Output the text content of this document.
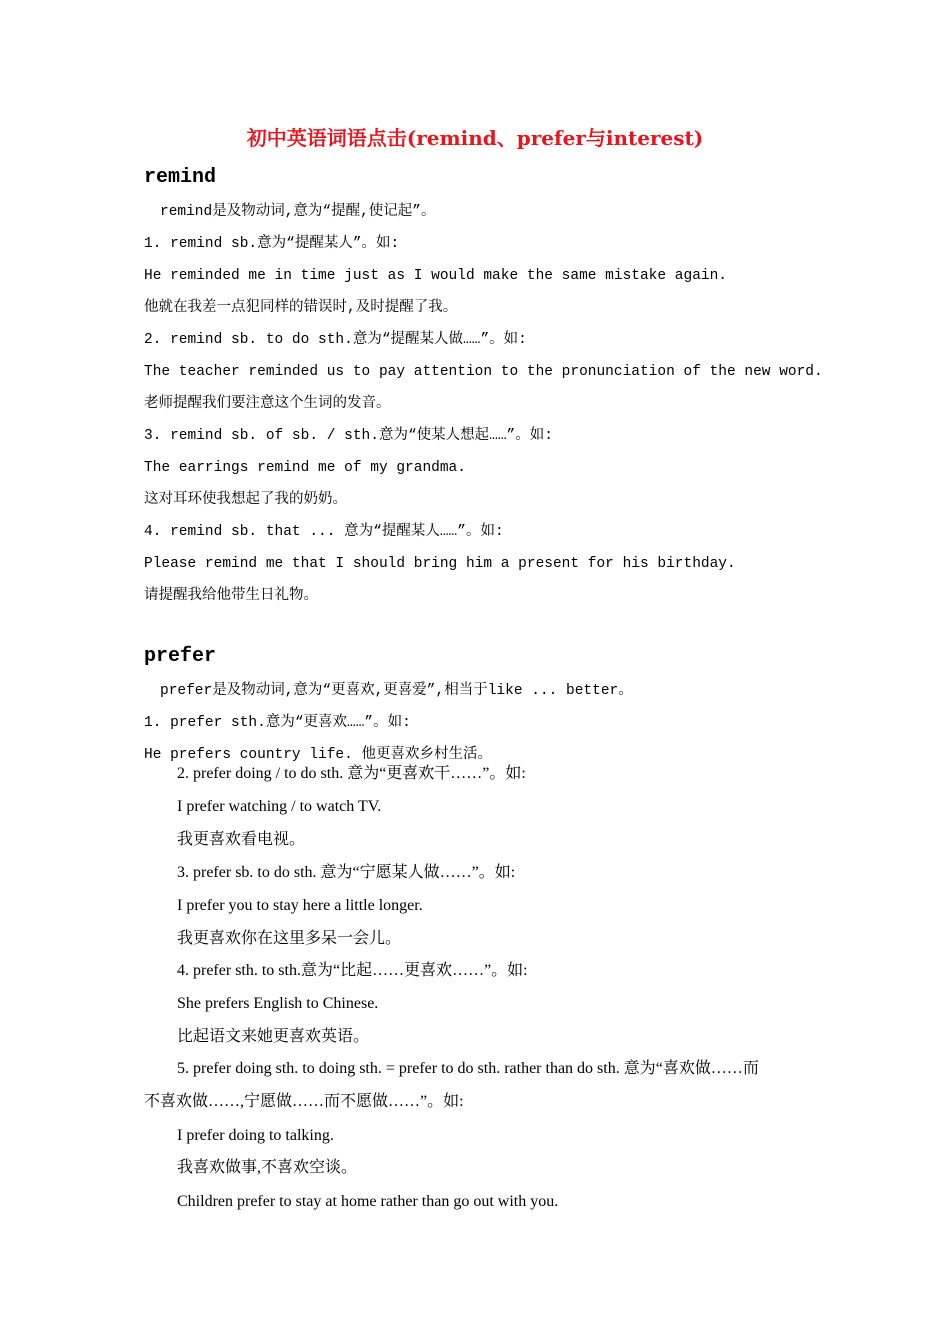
初中英语词语点击(remind、prefer与interest)
remind
remind是及物动词,意为“提醒,使记起”。
1. remind sb.意为“提醒某人”。如:
He reminded me in time just as I would make the same mistake again.
他就在我差一点犯同样的错误时,及时提醒了我。
2. remind sb. to do sth.意为“提醒某人做……”。如:
The teacher reminded us to pay attention to the pronunciation of the new word.
老师提醒我们要注意这个生词的发音。
3. remind sb. of sb. / sth.意为“使某人想起……”。如:
The earrings remind me of my grandma.
这对耳环使我想起了我的奶奶。
4. remind sb. that ... 意为“提醒某人……”。如:
Please remind me that I should bring him a present for his birthday.
请提醒我给他带生日礼物。
prefer
prefer是及物动词,意为“更喜欢,更喜爱”,相当于like ... better。
1. prefer sth.意为“更喜欢……”。如:
He prefers country life. 他更喜欢乡村生活。
2. prefer doing / to do sth. 意为“更喜欢干……”。如:
I prefer watching / to watch TV.
我更喜欢看电视。
3. prefer sb. to do sth. 意为“宁愿某人做……”。如:
I prefer you to stay here a little longer.
我更喜欢你在这里多呆一会儿。
4. prefer sth. to sth.意为“比起……更喜欢……”。如:
She prefers English to Chinese.
比起语文来她更喜欢英语。
5. prefer doing sth. to doing sth. = prefer to do sth. rather than do sth. 意为“喜欢做……而
不喜欢做……,宁愿做……而不愿做……”。如:
I prefer doing to talking.
我喜欢做事,不喜欢空谈。
Children prefer to stay at home rather than go out with you.
